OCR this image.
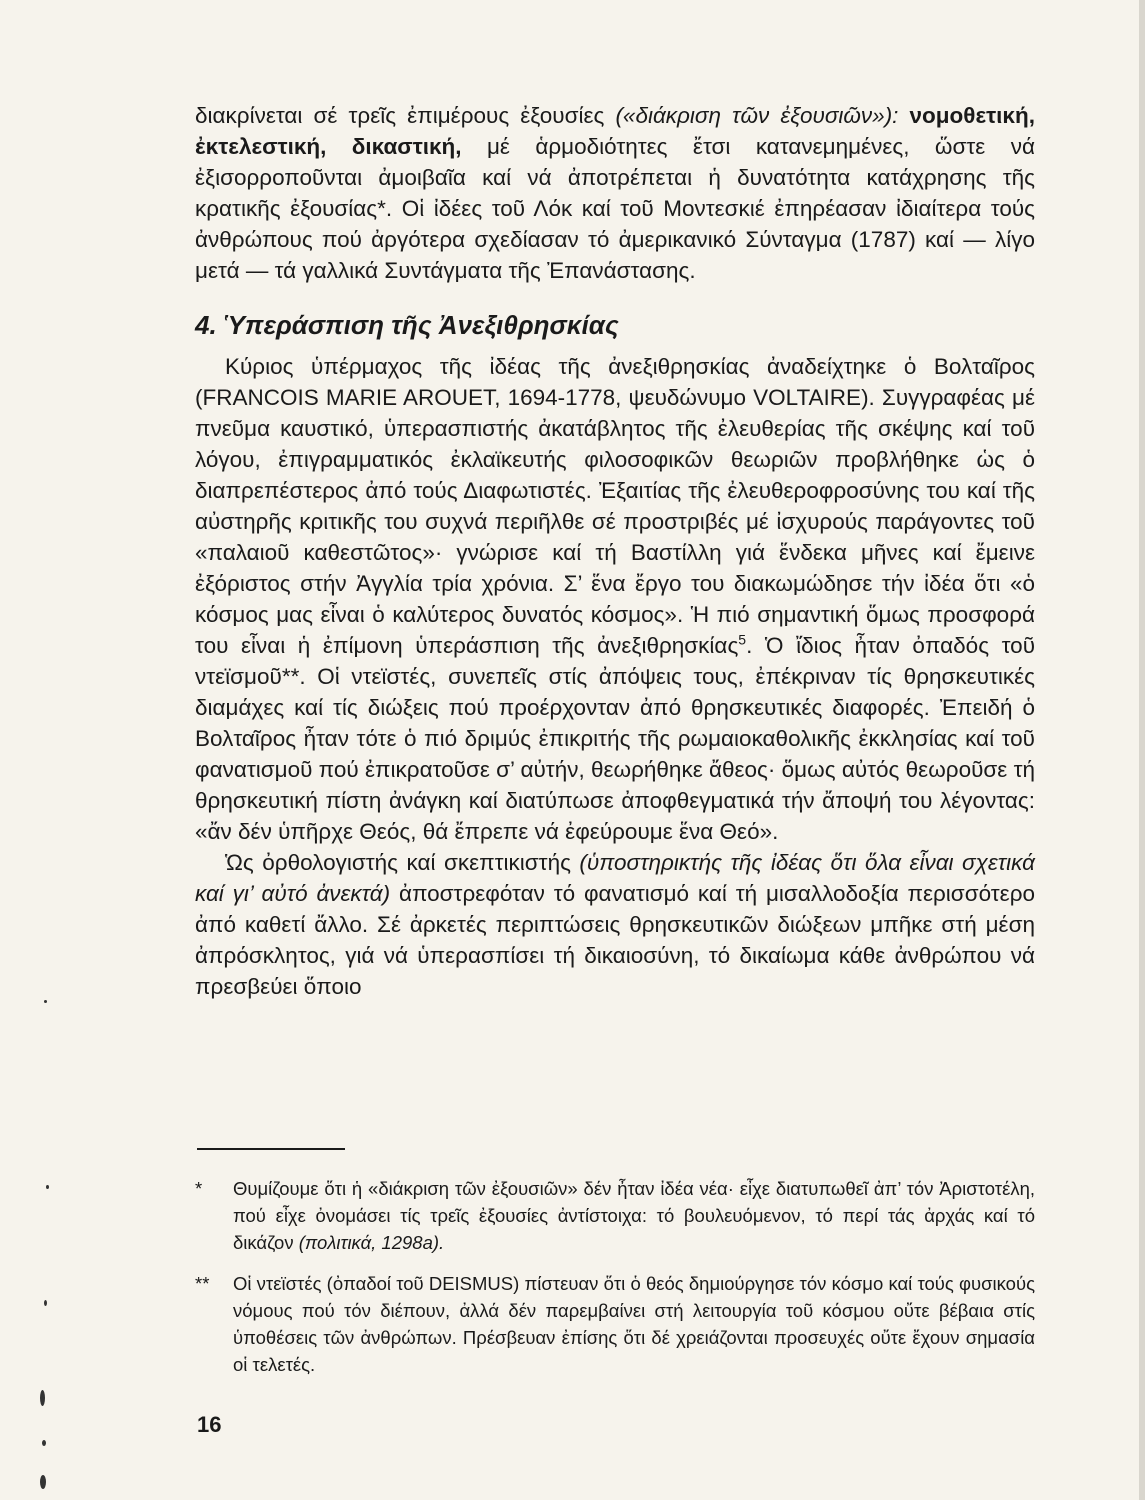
διακρίνεται σέ τρεῖς ἐπιμέρους ἐξουσίες («διάκριση τῶν ἐξουσιῶν»): νομοθετική, ἐκτελεστική, δικαστική, μέ ἁρμοδιότητες ἔτσι κατανεμημένες, ὥστε νά ἐξισορροποῦνται ἀμοιβαῖα καί νά ἀποτρέπεται ἡ δυνατότητα κατάχρησης τῆς κρατικῆς ἐξουσίας*. Οἱ ἰδέες τοῦ Λόκ καί τοῦ Μοντεσκιέ ἐπηρέασαν ἰδιαίτερα τούς ἀνθρώπους πού ἀργότερα σχεδίασαν τό ἀμερικανικό Σύνταγμα (1787) καί — λίγο μετά — τά γαλλικά Συντάγματα τῆς Ἐπανάστασης.

4. Ὑπεράσπιση τῆς Ἀνεξιθρησκίας

Κύριος ὑπέρμαχος τῆς ἰδέας τῆς ἀνεξιθρησκίας ἀναδείχτηκε ὁ Βολταῖρος (FRANCOIS MARIE AROUET, 1694-1778, ψευδώνυμο VOLTAIRE). Συγγραφέας μέ πνεῦμα καυστικό, ὑπερασπιστής ἀκατάβλητος τῆς ἐλευθερίας τῆς σκέψης καί τοῦ λόγου, ἐπιγραμματικός ἐκλαϊκευτής φιλοσοφικῶν θεωριῶν προβλήθηκε ὡς ὁ διαπρεπέστερος ἀπό τούς Διαφωτιστές. Ἐξαιτίας τῆς ἐλευθεροφροσύνης του καί τῆς αὐστηρῆς κριτικῆς του συχνά περιῆλθε σέ προστριβές μέ ἰσχυρούς παράγοντες τοῦ «παλαιοῦ καθεστῶτος»· γνώρισε καί τή Βαστίλλη γιά ἕνδεκα μῆνες καί ἔμεινε ἐξόριστος στήν Ἀγγλία τρία χρόνια. Σ’ ἕνα ἔργο του διακωμώδησε τήν ἰδέα ὅτι «ὁ κόσμος μας εἶναι ὁ καλύτερος δυνατός κόσμος». Ἡ πιό σημαντική ὅμως προσφορά του εἶναι ἡ ἐπίμονη ὑπεράσπιση τῆς ἀνεξιθρησκίας$^5$. Ὁ ἴδιος ἦταν ὀπαδός τοῦ ντεϊσμοῦ**. Οἱ ντεϊστές, συνεπεῖς στίς ἀπόψεις τους, ἐπέκριναν τίς θρησκευτικές διαμάχες καί τίς διώξεις πού προέρχονταν ἀπό θρησκευτικές διαφορές. Ἐπειδή ὁ Βολταῖρος ἦταν τότε ὁ πιό δριμύς ἐπικριτής τῆς ρωμαιοκαθολικῆς ἐκκλησίας καί τοῦ φανατισμοῦ πού ἐπικρατοῦσε σ’ αὐτήν, θεωρήθηκε ἄθεος· ὅμως αὐτός θεωροῦσε τή θρησκευτική πίστη ἀνάγκη καί διατύπωσε ἀποφθεγματικά τήν ἄποψή του λέγοντας: «ἄν δέν ὑπῆρχε Θεός, θά ἔπρεπε νά ἐφεύρουμε ἕνα Θεό».

Ὡς ὀρθολογιστής καί σκεπτικιστής (ὑποστηρικτής τῆς ἰδέας ὅτι ὅλα εἶναι σχετικά καί γι’ αὐτό ἀνεκτά) ἀποστρεφόταν τό φανατισμό καί τή μισαλλοδοξία περισσότερο ἀπό καθετί ἄλλο. Σέ ἀρκετές περιπτώσεις θρησκευτικῶν διώξεων μπῆκε στή μέση ἀπρόσκλητος, γιά νά ὑπερασπίσει τή δικαιοσύνη, τό δικαίωμα κάθε ἀνθρώπου νά πρεσβεύει ὅποιο

*	Θυμίζουμε ὅτι ἡ «διάκριση τῶν ἐξουσιῶν» δέν ἦταν ἰδέα νέα· εἶχε διατυπωθεῖ ἀπ’ τόν Ἀριστοτέλη, πού εἶχε ὀνομάσει τίς τρεῖς ἐξουσίες ἀντίστοιχα: τό βουλευόμενον, τό περί τάς ἀρχάς καί τό δικάζον (πολιτικά, 1298a).
**	Οἱ ντεϊστές (ὀπαδοί τοῦ DEISMUS) πίστευαν ὅτι ὁ θεός δημιούργησε τόν κόσμο καί τούς φυσικούς νόμους πού τόν διέπουν, ἀλλά δέν παρεμβαίνει στή λειτουργία τοῦ κόσμου οὔτε βέβαια στίς ὑποθέσεις τῶν ἀνθρώπων. Πρέσβευαν ἐπίσης ὅτι δέ χρειάζονται προσευχές οὔτε ἔχουν σημασία οἱ τελετές.
16
